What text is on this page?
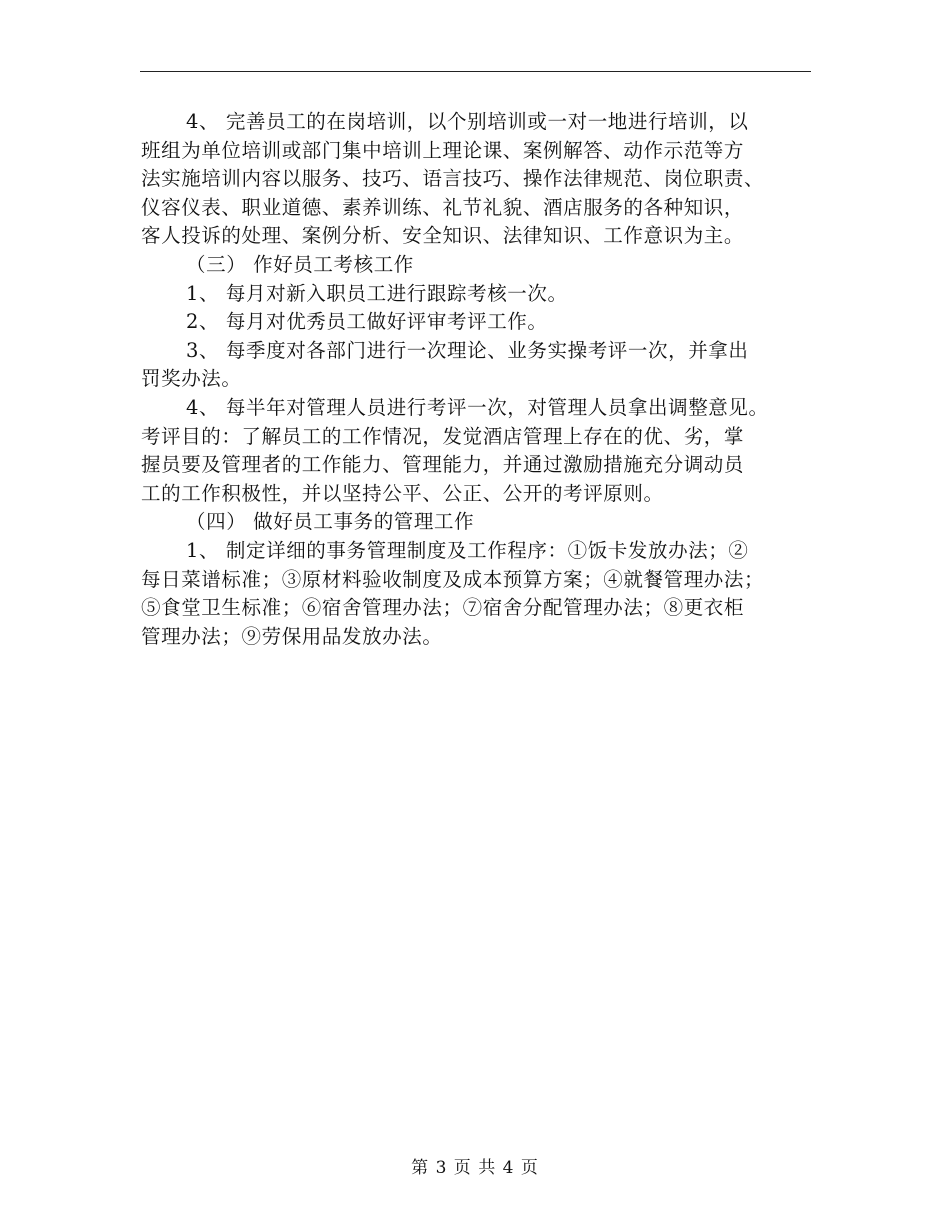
4、 完善员工的在岗培训，以个别培训或一对一地进行培训，以
班组为单位培训或部门集中培训上理论课、案例解答、动作示范等方
法实施培训内容以服务、技巧、语言技巧、操作法律规范、岗位职责、
仪容仪表、职业道德、素养训练、礼节礼貌、酒店服务的各种知识，
客人投诉的处理、案例分析、安全知识、法律知识、工作意识为主。
（三） 作好员工考核工作
1、 每月对新入职员工进行跟踪考核一次。
2、 每月对优秀员工做好评审考评工作。
3、 每季度对各部门进行一次理论、业务实操考评一次，并拿出
罚奖办法。
4、 每半年对管理人员进行考评一次，对管理人员拿出调整意见。
考评目的：了解员工的工作情况，发觉酒店管理上存在的优、劣，掌
握员要及管理者的工作能力、管理能力，并通过激励措施充分调动员
工的工作积极性，并以坚持公平、公正、公开的考评原则。
（四） 做好员工事务的管理工作
1、 制定详细的事务管理制度及工作程序：①饭卡发放办法；②
每日菜谱标准；③原材料验收制度及成本预算方案；④就餐管理办法；
⑤食堂卫生标准；⑥宿舍管理办法；⑦宿舍分配管理办法；⑧更衣柜
管理办法；⑨劳保用品发放办法。
第 3 页 共 4 页
